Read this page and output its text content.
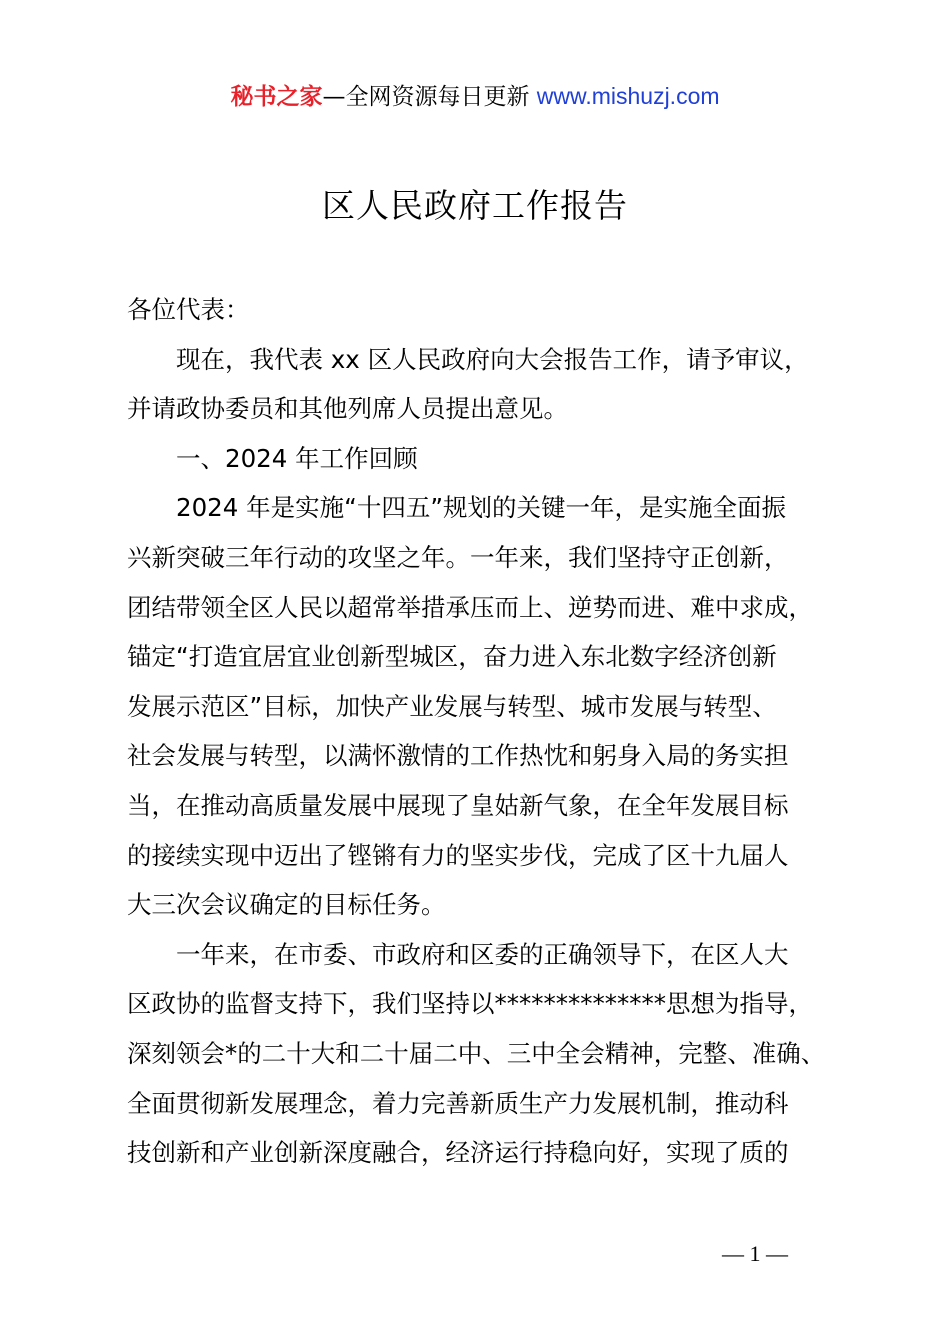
秘书之家—全网资源每日更新 www.mishuzj.com
区人民政府工作报告
各位代表：
　　现在，我代表 xx 区人民政府向大会报告工作，请予审议，
并请政协委员和其他列席人员提出意见。
　　一、2024 年工作回顾
　　2024 年是实施“十四五”规划的关键一年，是实施全面振
兴新突破三年行动的攻坚之年。一年来，我们坚持守正创新，
团结带领全区人民以超常举措承压而上、逆势而进、难中求成，
锚定“打造宜居宜业创新型城区，奋力进入东北数字经济创新
发展示范区”目标，加快产业发展与转型、城市发展与转型、
社会发展与转型，以满怀激情的工作热忱和躬身入局的务实担
当，在推动高质量发展中展现了皇姑新气象，在全年发展目标
的接续实现中迈出了铿锵有力的坚实步伐，完成了区十九届人
大三次会议确定的目标任务。
　　一年来，在市委、市政府和区委的正确领导下，在区人大
区政协的监督支持下，我们坚持以**************思想为指导，
深刻领会*的二十大和二十届二中、三中全会精神，完整、准确、
全面贯彻新发展理念，着力完善新质生产力发展机制，推动科
技创新和产业创新深度融合，经济运行持稳向好，实现了质的
— 1 —
